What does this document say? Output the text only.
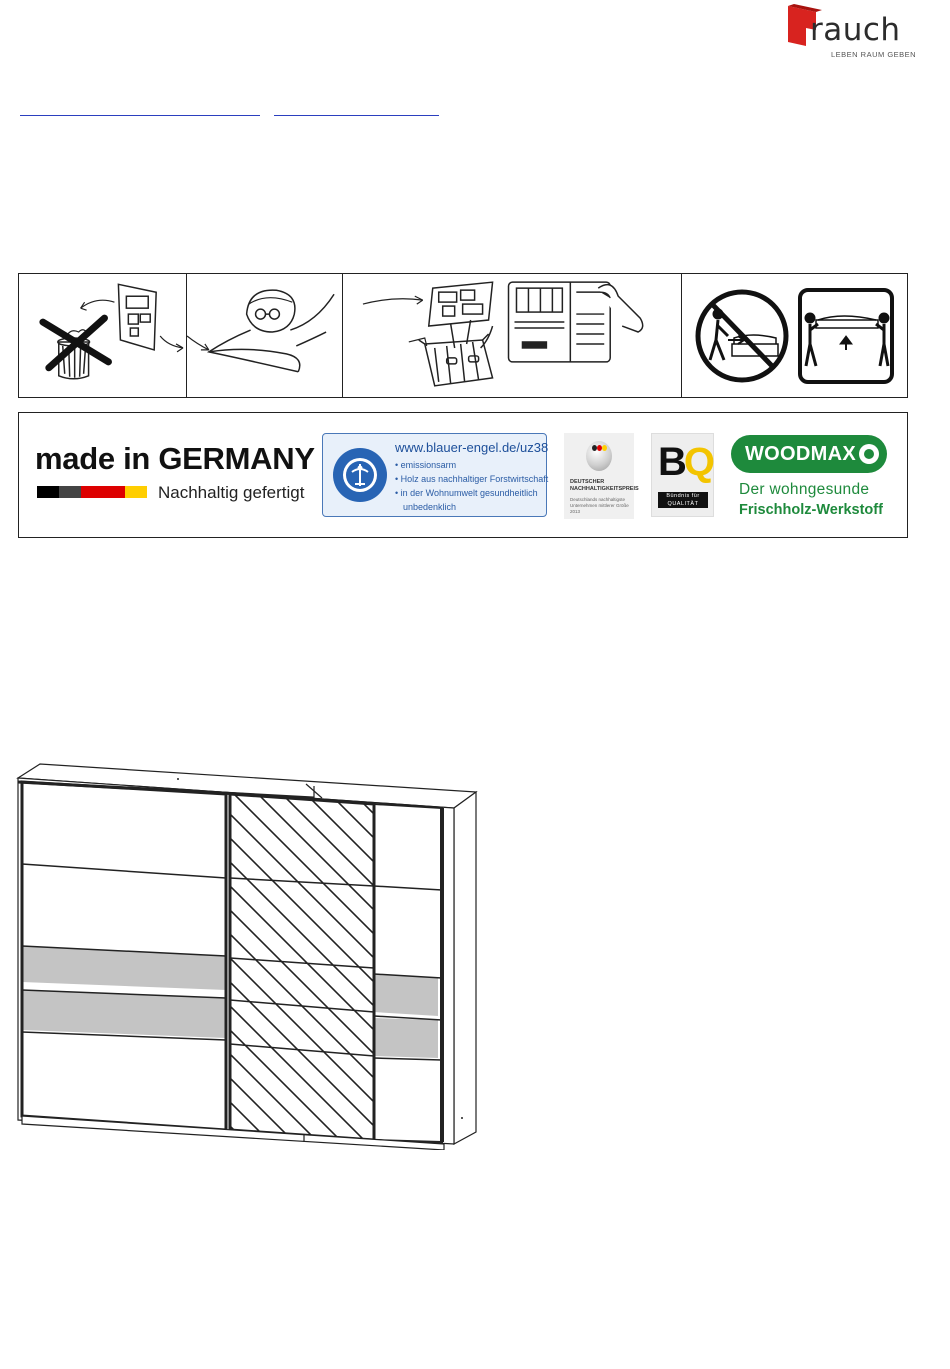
rauch
LEBEN RAUM GEBEN
made in GERMANY
Nachhaltig gefertigt
www.blauer-engel.de/uz38
• emissionsarm
• Holz aus nachhaltiger Forstwirtschaft
• in der Wohnumwelt gesundheitlich
unbedenklich
DEUTSCHER NACHHALTIGKEITSPREIS
Deutschlands nachhaltigste Unternehmen mittlerer Größe 2013
BQ
Bündnis für QUALITÄT
WOODMAX
Der wohngesunde
Frischholz-Werkstoff
